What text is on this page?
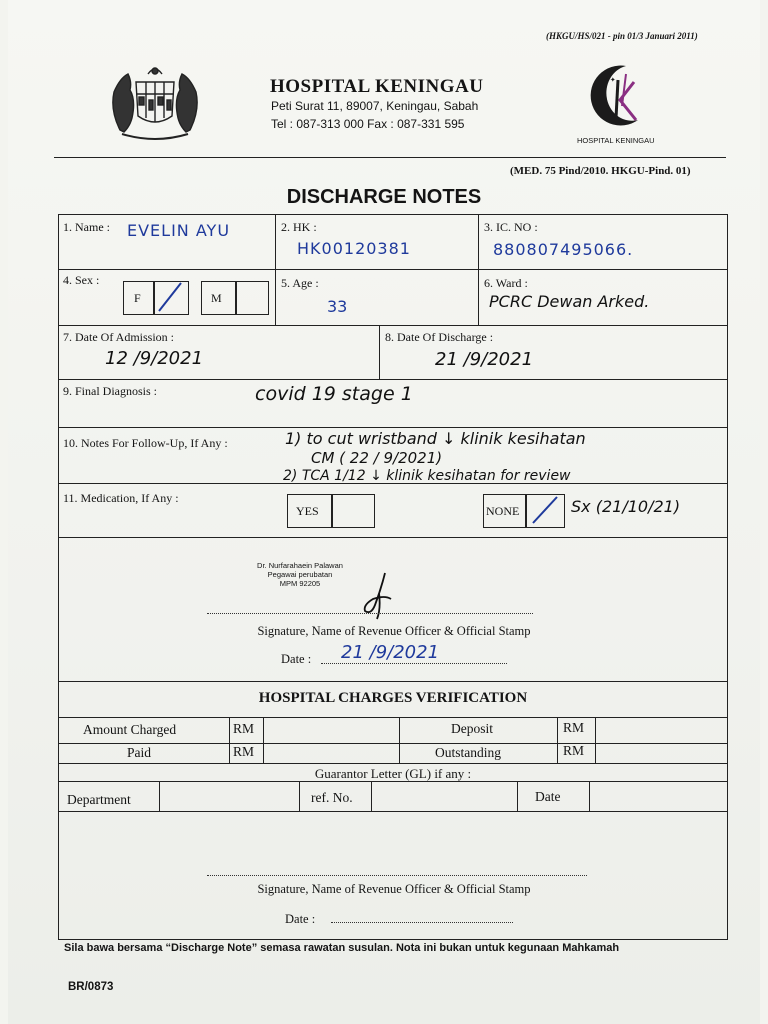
(HKGU/HS/021 - pin 01/3 Januari 2011)
HOSPITAL KENINGAU
Peti Surat 11, 89007, Keningau, Sabah
Tel : 087-313 000 Fax : 087-331 595
✦✦
HOSPITAL KENINGAU
(MED. 75 Pind/2010. HKGU-Pind. 01)
DISCHARGE NOTES
1. Name : EVELIN AYU	2. HK :
HK00120381
3. IC. NO :
880807495066.
4. Sex :
F	M
5. Age :
33
6. Ward :
PCRC Dewan Arked.
7. Date Of Admission :
12 /9/2021
8. Date Of Discharge :
21 /9/2021
9. Final Diagnosis :	covid 19 stage 1
10. Notes For Follow-Up, If Any :	1) to cut wristband ↓ klinik kesihatan
CM ( 22 / 9/2021)
2) TCA 1/12 ↓ klinik kesihatan for review
11. Medication, If Any :
YES	NONE	Sx (21/10/21)
Dr. Nurfarahaein Palawan
Pegawai perubatan
MPM 92205
Signature, Name of Revenue Officer & Official Stamp
Date : 21 /9/2021
HOSPITAL CHARGES VERIFICATION
Amount Charged	RM	Deposit	RM
Paid	RM	Outstanding	RM
Guarantor Letter (GL) if any :
Department	ref. No.	Date
Signature, Name of Revenue Officer & Official Stamp
Date :
Sila bawa bersama “Discharge Note” semasa rawatan susulan. Nota ini bukan untuk kegunaan Mahkamah
BR/0873
